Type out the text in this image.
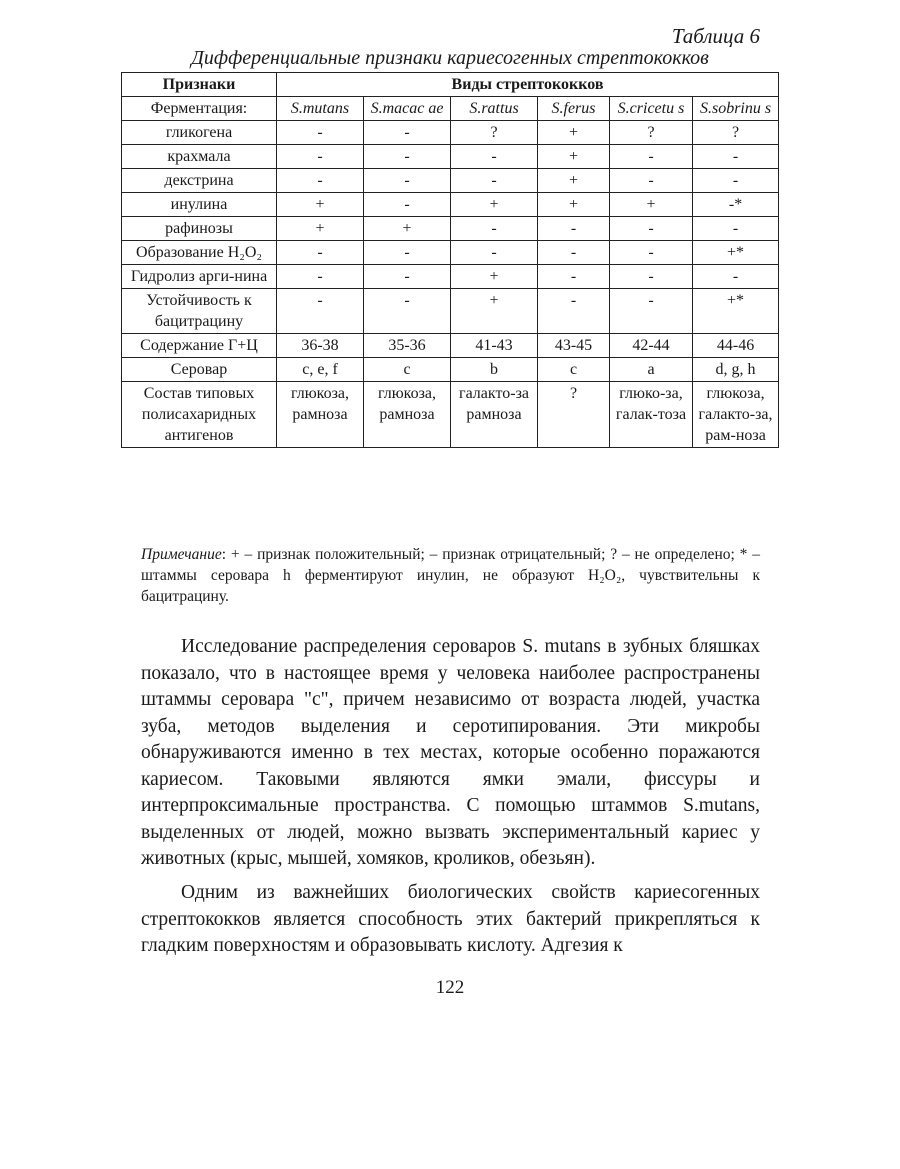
Таблица 6
Дифференциальные признаки кариесогенных стрептококков
Признаки	Виды стрептококков					
Ферментация:	S.mutans	S.macac ae	S.rattus	S.ferus	S.cricetu s	S.sobrinu s
гликогена	-	-	?	+	?	?
крахмала	-	-	-	+	-	-
декстрина	-	-	-	+	-	-
инулина	+	-	+	+	+	-*
рафинозы	+	+	-	-	-	-
Образование H₂O₂	-	-	-	-	-	+*
Гидролиз арги-нина	-	-	+	-	-	-
Устойчивость к бацитрацину	-	-	+	-	-	+*
Содержание Г+Ц	36-38	35-36	41-43	43-45	42-44	44-46
Серовар	c, e, f	c	b	c	a	d, g, h
Состав типовых полисахаридных антигенов	глюкоза, рамноза	глюкоза, рамноза	галакто-за рамноза	?	глюко-за, галак-тоза	глюкоза, галакто-за, рам-ноза
Примечание: + – признак положительный; – признак отрицательный; ? – не определено; * – штаммы серовара h ферментируют инулин, не образуют H₂O₂, чувствительны к бацитрацину.

Исследование распределения сероваров S. mutans в зубных бляшках показало, что в настоящее время у человека наиболее распространены штаммы серовара "c", причем независимо от возраста людей, участка зуба, методов выделения и серотипирования. Эти микробы обнаруживаются именно в тех местах, которые особенно поражаются кариесом. Таковыми являются ямки эмали, фиссуры и интерпроксимальные пространства. С помощью штаммов S.mutans, выделенных от людей, можно вызвать экспериментальный кариес у животных (крыс, мышей, хомяков, кроликов, обезьян).

Одним из важнейших биологических свойств кариесогенных стрептококков является способность этих бактерий прикреплятьcя к гладким поверхностям и образовывать кислоту. Адгезия к

122
